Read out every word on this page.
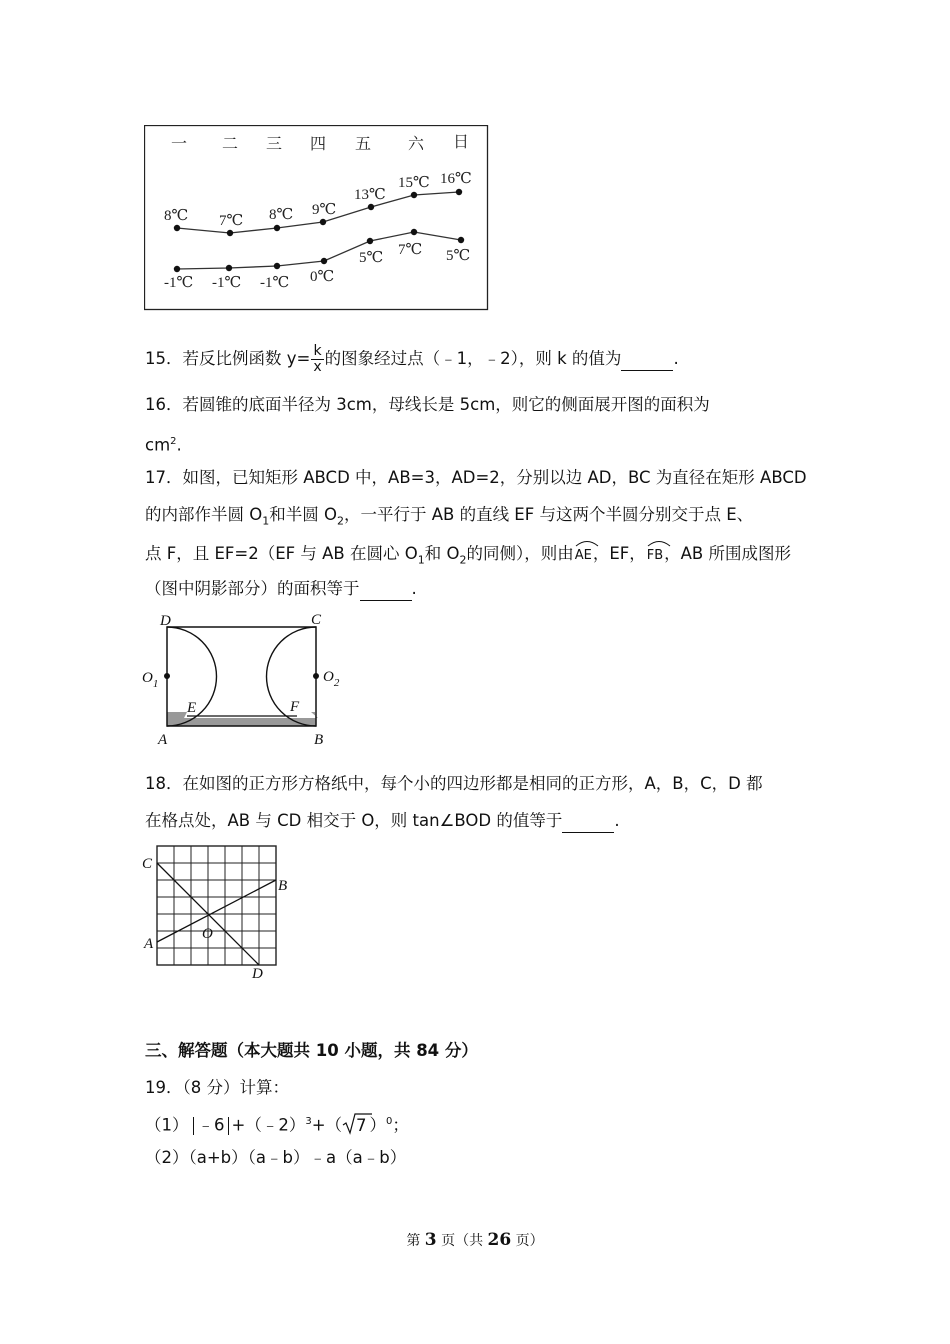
一 二 三 四 五 六 日
8℃ 7℃ 8℃ 9℃
13℃
15℃ 16℃
-1℃ -1℃ -1℃ 0℃
5℃ 7℃ 5℃
15．若反比例函数 $y= \frac{k}{x}$ 的图象经过点（﹣1，﹣2），则 k 的值为	.
16．若圆锥的底面半径为 3cm，母线长是 5cm，则它的侧面展开图的面积为
$cm^2$.
17．如图，已知矩形 ABCD 中，AB=3，AD=2，分别以边 AD，BC 为直径在矩形 ABCD
的内部作半圆 $O_1$和半圆 $O_2$，一平行于 AB 的直线 EF 与这两个半圆分别交于点 E、
点 F，且 EF=2（EF 与 AB 在圆心 $O_1$和 $O_2$的同侧），则由
AE，EF，
FB，AB 所围成图形
（图中阴影部分）的面积等于	.
D	C
$O_1$	$O_2$
E	F
A	B
18．在如图的正方形方格纸中，每个小的四边形都是相同的正方形，A，B，C，D 都
在格点处，AB 与 CD 相交于 O，则 tan∠BOD 的值等于	.
C
B
A
O
D
三、解答题（本大题共 10 小题，共 84 分）
19．（8 分）计算：
（1） ﹣6 +（﹣2）$^3$+（ 7 ）$^0$；
（2）（a+b）（a﹣b）﹣a（a﹣b）
第 3 页（共 26 页）
